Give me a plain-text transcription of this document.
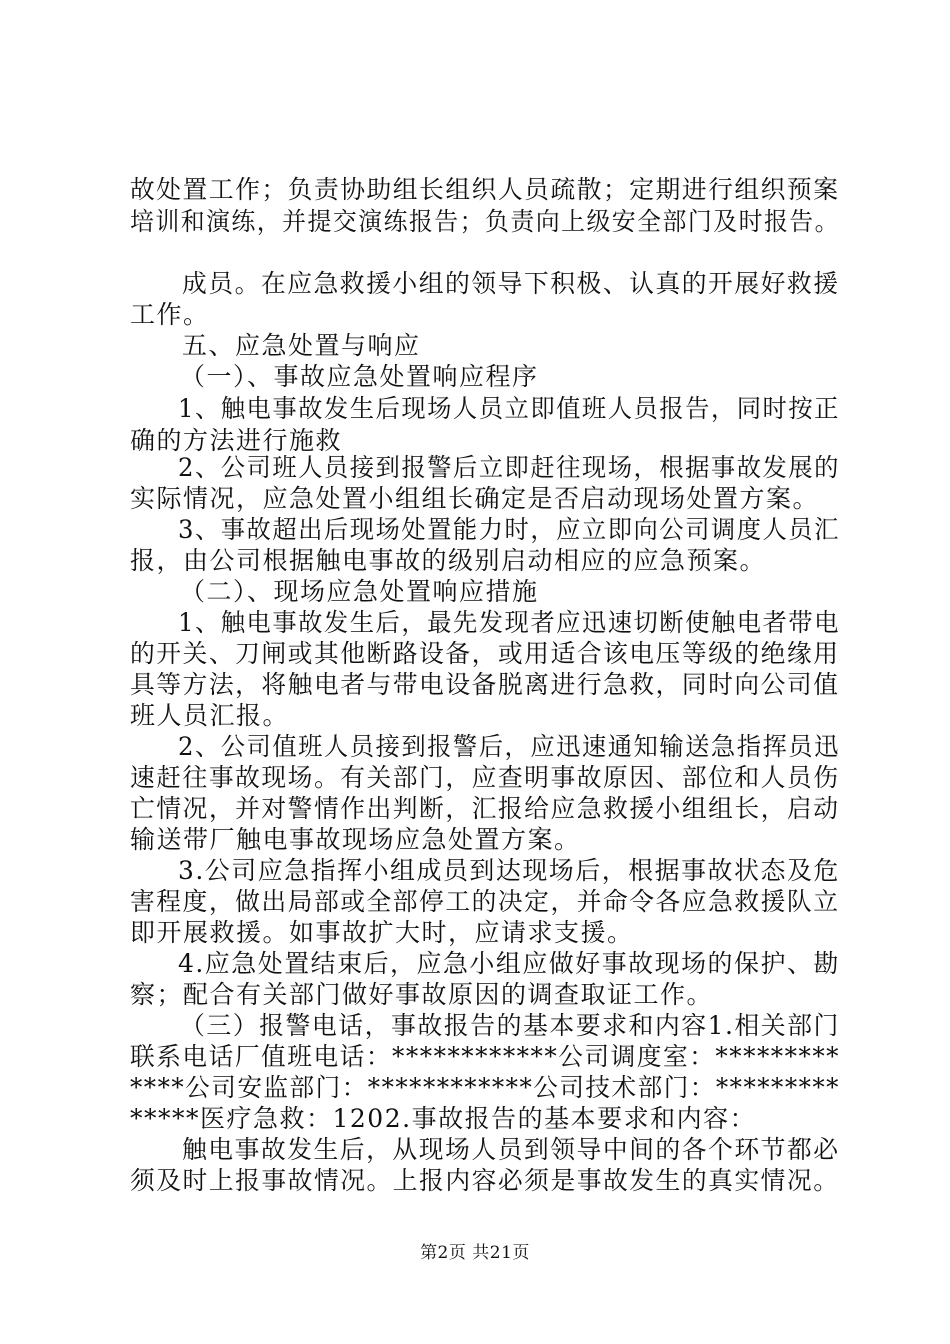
故处置工作；负责协助组长组织人员疏散；定期进行组织预案
培训和演练，并提交演练报告；负责向上级安全部门及时报告。
成员。在应急救援小组的领导下积极、认真的开展好救援
工作。
五、应急处置与响应
（一）、事故应急处置响应程序
1、触电事故发生后现场人员立即值班人员报告，同时按正
确的方法进行施救
2、公司班人员接到报警后立即赶往现场，根据事故发展的
实际情况，应急处置小组组长确定是否启动现场处置方案。
3、事故超出后现场处置能力时，应立即向公司调度人员汇
报，由公司根据触电事故的级别启动相应的应急预案。
（二）、现场应急处置响应措施
1、触电事故发生后，最先发现者应迅速切断使触电者带电
的开关、刀闸或其他断路设备，或用适合该电压等级的绝缘用
具等方法，将触电者与带电设备脱离进行急救，同时向公司值
班人员汇报。
2、公司值班人员接到报警后，应迅速通知输送急指挥员迅
速赶往事故现场。有关部门，应查明事故原因、部位和人员伤
亡情况，并对警情作出判断，汇报给应急救援小组组长，启动
输送带厂触电事故现场应急处置方案。
3.公司应急指挥小组成员到达现场后，根据事故状态及危
害程度，做出局部或全部停工的决定，并命令各应急救援队立
即开展救援。如事故扩大时，应请求支援。
4.应急处置结束后，应急小组应做好事故现场的保护、勘
察；配合有关部门做好事故原因的调查取证工作。
（三）报警电话，事故报告的基本要求和内容1.相关部门
联系电话厂值班电话：************公司调度室：*********
****公司安监部门：************公司技术部门：*********
*****医疗急救：1202.事故报告的基本要求和内容：
触电事故发生后，从现场人员到领导中间的各个环节都必
须及时上报事故情况。上报内容必须是事故发生的真实情况。
第2页 共21页
